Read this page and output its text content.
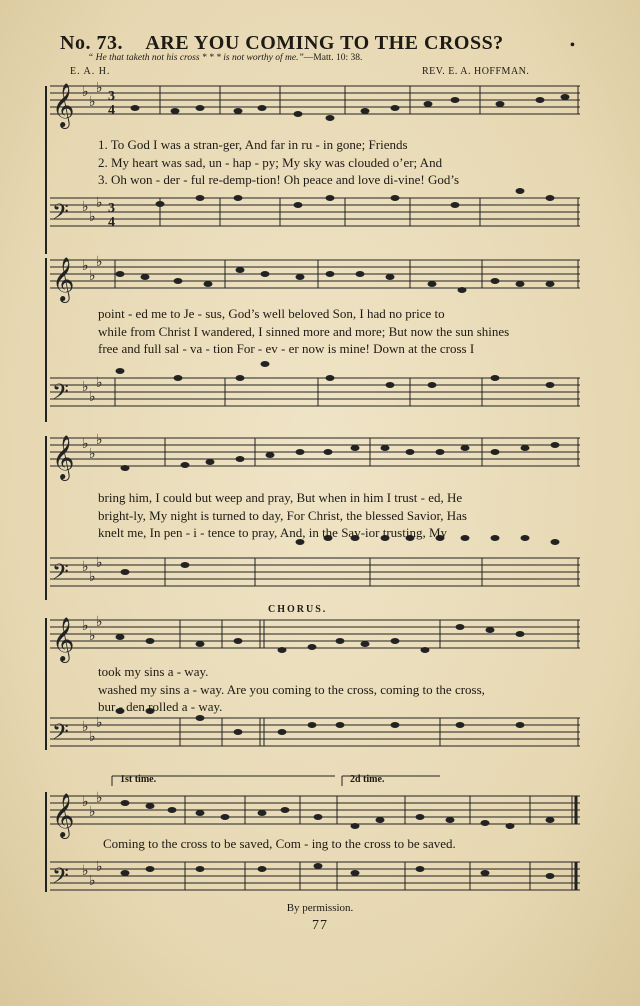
No. 73. ARE YOU COMING TO THE CROSS?	•
“ He that taketh not his cross * * * is not worthy of me.”—Matt. 10: 38.
E. A. H.	REV. E. A. HOFFMAN.
𝄞
𝄢
♭
♭
♭
♭
♭
♭
3
4
3
4
1. To God I was a stran-ger, And far in ru - in gone; Friends
2. My heart was sad, un - hap - py; My sky was clouded o’er; And
3. Oh won - der - ful re-demp-tion! Oh peace and love di-vine! God’s
𝄞
𝄢
♭
♭
♭
♭
♭
♭
point - ed me to Je - sus, God’s well beloved Son, I had no price to
while from Christ I wandered, I sinned more and more; But now the sun shines
free and full sal - va - tion For - ev - er now is mine! Down at the cross I
𝄞
𝄢
♭
♭
♭
♭
♭
♭
bring him, I could but weep and pray, But when in him I trust - ed, He
bright-ly, My night is turned to day, For Christ, the blessed Savior, Has
knelt me, In pen - i - tence to pray, And, in the Sav-ior trusting, My
CHORUS.
𝄞
𝄢
♭
♭
♭
♭
♭
♭
took my sins a - way.
washed my sins a - way. Are you coming to the cross, coming to the cross,
bur - den rolled a - way.
1st time.	2d time.
𝄞
𝄢
♭
♭
♭
♭
♭
♭
Coming to the cross to be saved, Com - ing to the cross to be saved.
By permission.
77
